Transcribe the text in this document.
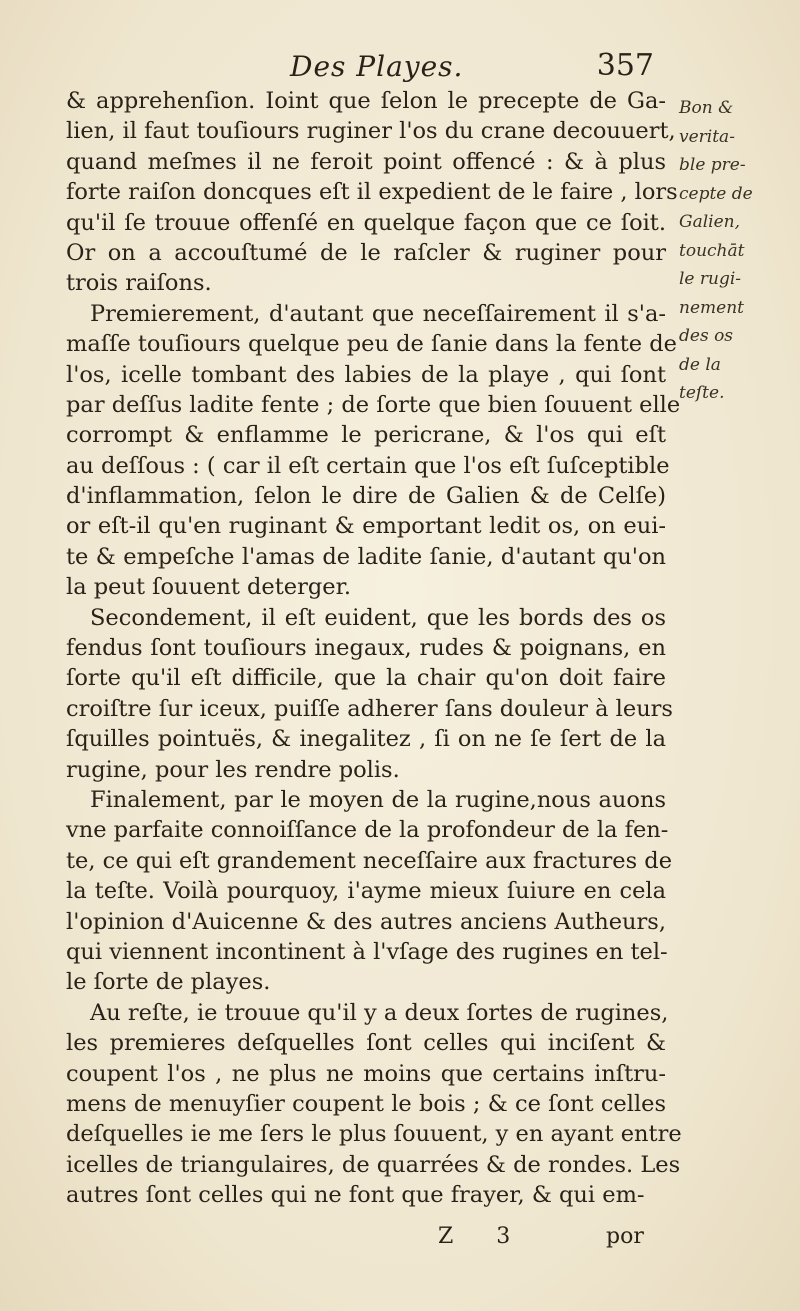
Des Playes.	357
& apprehenſion. Ioint que ſelon le precepte de Ga-
lien, il faut touſiours ruginer l'os du crane decouuert,
quand meſmes il ne feroit point offencé : & à plus
forte raiſon doncques eſt il expedient de le faire , lors
qu'il ſe trouue offenſé en quelque façon que ce ſoit.
Or on a accouſtumé de le raſcler & ruginer pour
trois raiſons.
Premierement, d'autant que neceſſairement il s'a-
maſſe touſiours quelque peu de ſanie dans la fente de
l'os, icelle tombant des labies de la playe , qui ſont
par deſſus ladite fente ; de ſorte que bien ſouuent elle
corrompt & enflamme le pericrane, & l'os qui eſt
au deſſous : ( car il eſt certain que l'os eſt ſuſceptible
d'inflammation, ſelon le dire de Galien & de Celſe)
or eſt-il qu'en ruginant & emportant ledit os, on eui-
te & empeſche l'amas de ladite ſanie, d'autant qu'on
la peut ſouuent deterger.
Secondement, il eſt euident, que les bords des os
fendus ſont touſiours inegaux, rudes & poignans, en
ſorte qu'il eſt difficile, que la chair qu'on doit faire
croiſtre ſur iceux, puiſſe adherer ſans douleur à leurs
ſquilles pointuës, & inegalitez , ſi on ne ſe ſert de la
rugine, pour les rendre polis.
Finalement, par le moyen de la rugine,nous auons
vne parfaite connoiſſance de la profondeur de la fen-
te, ce qui eſt grandement neceſſaire aux fractures de
la teſte. Voilà pourquoy, i'ayme mieux ſuiure en cela
l'opinion d'Auicenne & des autres anciens Autheurs,
qui viennent incontinent à l'vſage des rugines en tel-
le ſorte de playes.
Au reſte, ie trouue qu'il y a deux ſortes de rugines,
les premieres deſquelles ſont celles qui inciſent &
coupent l'os , ne plus ne moins que certains inſtru-
mens de menuyſier coupent le bois ; & ce ſont celles
deſquelles ie me ſers le plus ſouuent, y en ayant entre
icelles de triangulaires, de quarrées & de rondes. Les
autres ſont celles qui ne font que frayer, & qui em-
Bon &
verita-
ble pre-
cepte de
Galien,
touchāt
le rugi-
nement
des os
de la
teſte.
Z 3	por
